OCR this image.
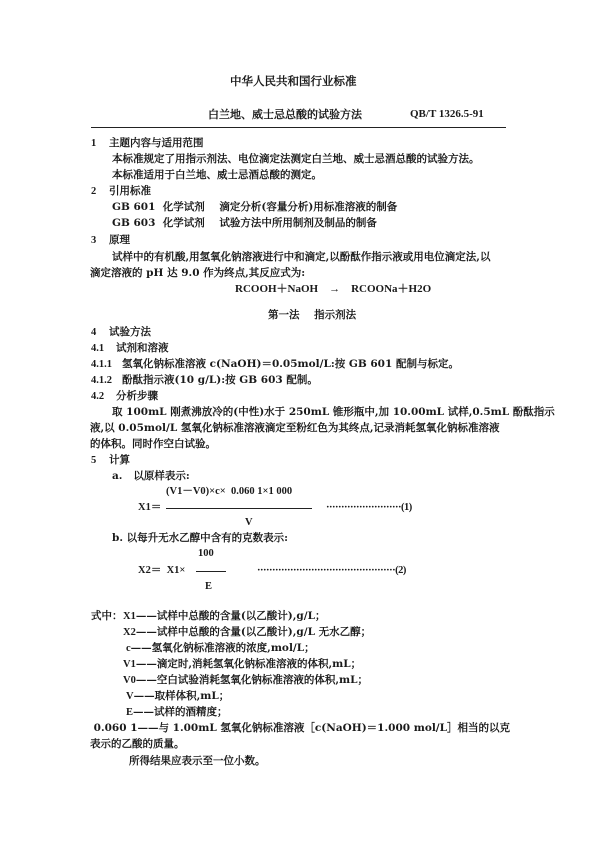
中华人民共和国行业标准
白兰地、威士忌总酸的试验方法	QB/T 1326.5-91
1 主题内容与适用范围
本标准规定了用指示剂法、电位滴定法测定白兰地、威士忌酒总酸的试验方法。
本标准适用于白兰地、威士忌酒总酸的测定。
2 引用标准
GB 601  化学试剂    滴定分析(容量分析)用标准溶液的制备
GB 603  化学试剂    试验方法中所用制剂及制品的制备
3 原理
试样中的有机酸,用氢氧化钠溶液进行中和滴定,以酚酞作指示液或用电位滴定法,以
滴定溶液的 pH 达 9.0 作为终点,其反应式为:
RCOOH＋NaOH    →    RCOONa＋H2O
第一法    指示剂法
4 试验方法
4.1 试剂和溶液
4.1.1 氢氧化钠标准溶液 c(NaOH)＝0.05mol/L:按 GB 601 配制与标定。
4.1.2 酚酞指示液(10 g/L):按 GB 603 配制。
4.2 分析步骤
取 100mL 刚煮沸放冷的(中性)水于 250mL 锥形瓶中,加 10.00mL 试样,0.5mL 酚酞指示
液,以 0.05mol/L 氢氧化钠标准溶液滴定至粉红色为其终点,记录消耗氢氧化钠标准溶液
的体积。同时作空白试验。
5 计算
a.   以原样表示:
(V1－V0)×c×  0.060 1×1 000
X1＝	·························(1)
V
b. 以每升无水乙醇中含有的克数表示:
100
X2＝  X1×	··············································(2)
E
式中： X1——试样中总酸的含量(以乙酸计),g/L；
X2——试样中总酸的含量(以乙酸计),g/L 无水乙醇；
c——氢氧化钠标准溶液的浓度,mol/L；
V1——滴定时,消耗氢氧化钠标准溶液的体积,mL；
V0——空白试验消耗氢氧化钠标准溶液的体积,mL；
V——取样体积,mL；
E——试样的酒精度；
0.060 1——与 1.00mL 氢氧化钠标准溶液［c(NaOH)＝1.000 mol/L］相当的以克
表示的乙酸的质量。
所得结果应表示至一位小数。
